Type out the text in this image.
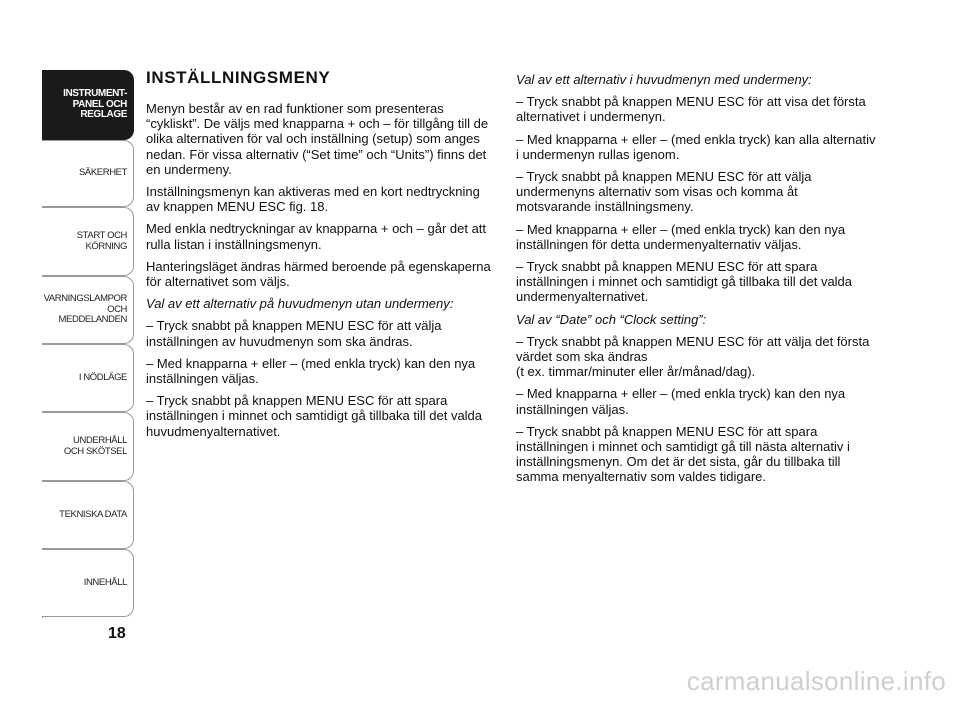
INSTRUMENT-
PANEL OCH
REGLAGE
SÄKERHET
START OCH
KÖRNING
VARNINGSLAMPOR
OCH
MEDDELANDEN
I NÖDLÄGE
UNDERHÅLL
OCH SKÖTSEL
TEKNISKA DATA
INNEHÅLL
18
INSTÄLLNINGSMENY

Menyn består av en rad funktioner som presenteras “cykliskt”. De väljs med knapparna + och – för tillgång till de olika alternativen för val och inställning (setup) som anges nedan. För vissa alternativ (“Set time” och “Units”) finns det en undermeny.

Inställningsmenyn kan aktiveras med en kort nedtryckning av knappen MENU ESC fig. 18.

Med enkla nedtryckningar av knapparna + och – går det att rulla listan i inställningsmenyn.

Hanteringsläget ändras härmed beroende på egenskaperna för alternativet som väljs.

Val av ett alternativ på huvudmenyn utan undermeny:

– Tryck snabbt på knappen MENU ESC för att välja inställningen av huvudmenyn som ska ändras.

– Med knapparna + eller – (med enkla tryck) kan den nya inställningen väljas.

– Tryck snabbt på knappen MENU ESC för att spara inställningen i minnet och samtidigt gå tillbaka till det valda huvudmenyalternativet.

Val av ett alternativ i huvudmenyn med undermeny:

– Tryck snabbt på knappen MENU ESC för att visa det första alternativet i undermenyn.

– Med knapparna + eller – (med enkla tryck) kan alla alternativ i undermenyn rullas igenom.

– Tryck snabbt på knappen MENU ESC för att välja undermenyns alternativ som visas och komma åt motsvarande inställningsmeny.

– Med knapparna + eller – (med enkla tryck) kan den nya inställningen för detta undermenyalternativ väljas.

– Tryck snabbt på knappen MENU ESC för att spara inställningen i minnet och samtidigt gå tillbaka till det valda undermenyalternativet.

Val av “Date” och “Clock setting”:

– Tryck snabbt på knappen MENU ESC för att välja det första värdet som ska ändras
(t ex. timmar/minuter eller år/månad/dag).

– Med knapparna + eller – (med enkla tryck) kan den nya inställningen väljas.

– Tryck snabbt på knappen MENU ESC för att spara inställningen i minnet och samtidigt gå till nästa alternativ i inställningsmenyn. Om det är det sista, går du tillbaka till samma menyalternativ som valdes tidigare.

carmanualsonline.info
